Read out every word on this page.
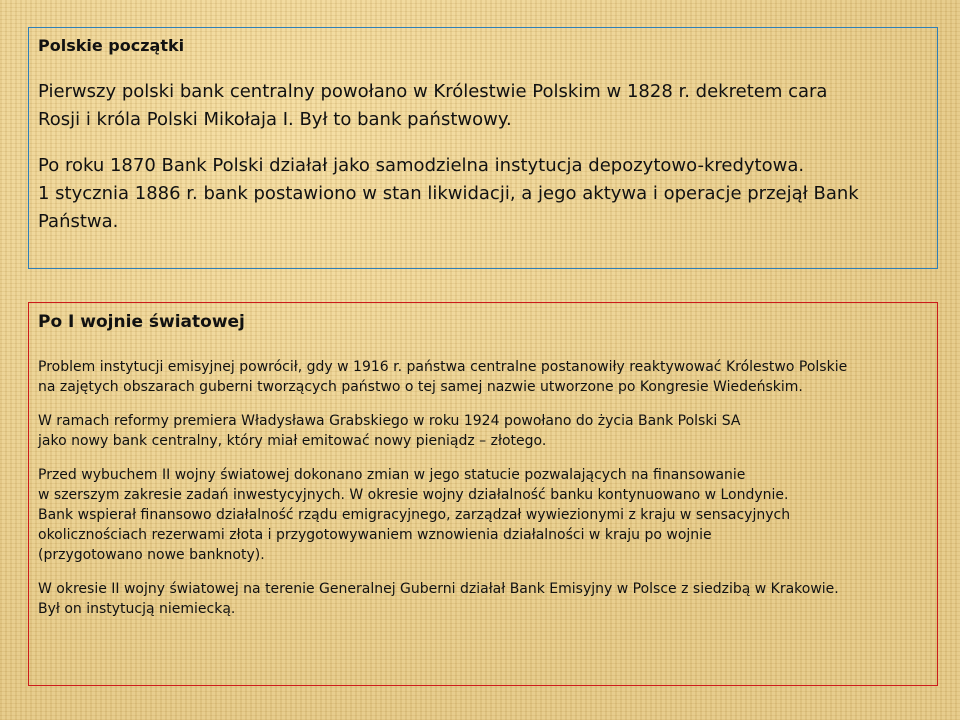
Polskie początki
Pierwszy polski bank centralny powołano w Królestwie Polskim w 1828 r. dekretem cara
Rosji i króla Polski Mikołaja I. Był to bank państwowy.
Po roku 1870 Bank Polski działał jako samodzielna instytucja depozytowo-kredytowa.
1 stycznia 1886 r. bank postawiono w stan likwidacji, a jego aktywa i operacje przejął Bank
Państwa.
Po I wojnie światowej
Problem instytucji emisyjnej powrócił, gdy w 1916 r. państwa centralne postanowiły reaktywować Królestwo Polskie
na zajętych obszarach guberni tworzących państwo o tej samej nazwie utworzone po Kongresie Wiedeńskim.
W ramach reformy premiera Władysława Grabskiego w roku 1924 powołano do życia Bank Polski SA
jako nowy bank centralny, który miał emitować nowy pieniądz – złotego.
Przed wybuchem II wojny światowej dokonano zmian w jego statucie pozwalających na finansowanie
w szerszym zakresie zadań inwestycyjnych. W okresie wojny działalność banku kontynuowano w Londynie.
Bank wspierał finansowo działalność rządu emigracyjnego, zarządzał wywiezionymi z kraju w sensacyjnych
okolicznościach rezerwami złota i przygotowywaniem wznowienia działalności w kraju po wojnie
(przygotowano nowe banknoty).
W okresie II wojny światowej na terenie Generalnej Guberni działał Bank Emisyjny w Polsce z siedzibą w Krakowie.
Był on instytucją niemiecką.
